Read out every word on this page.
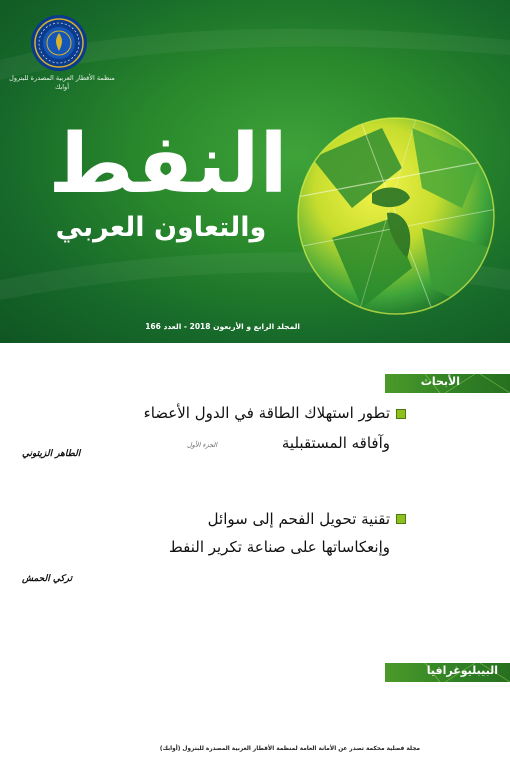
منظمة الأقطار العربية المصدرة للبترول
أوابك
النفط
والتعاون العربي
المجلد الرابع و الأربعون 2018 - العدد 166
الأبحاث
تطور استهلاك الطاقة في الدول الأعضاء
وآفاقه المستقبلية
الجزء الأول
الطاهر الزيتوني
تقنية تحويل الفحم إلى سوائل
وإنعكاساتها على صناعة تكرير النفط
تركي الحمش
البيبليوغرافيا
مجلة فصلية محكمة تصدر عن الأمانة العامة لمنظمة الأقطار العربية المصدرة للبترول (أوابك)
